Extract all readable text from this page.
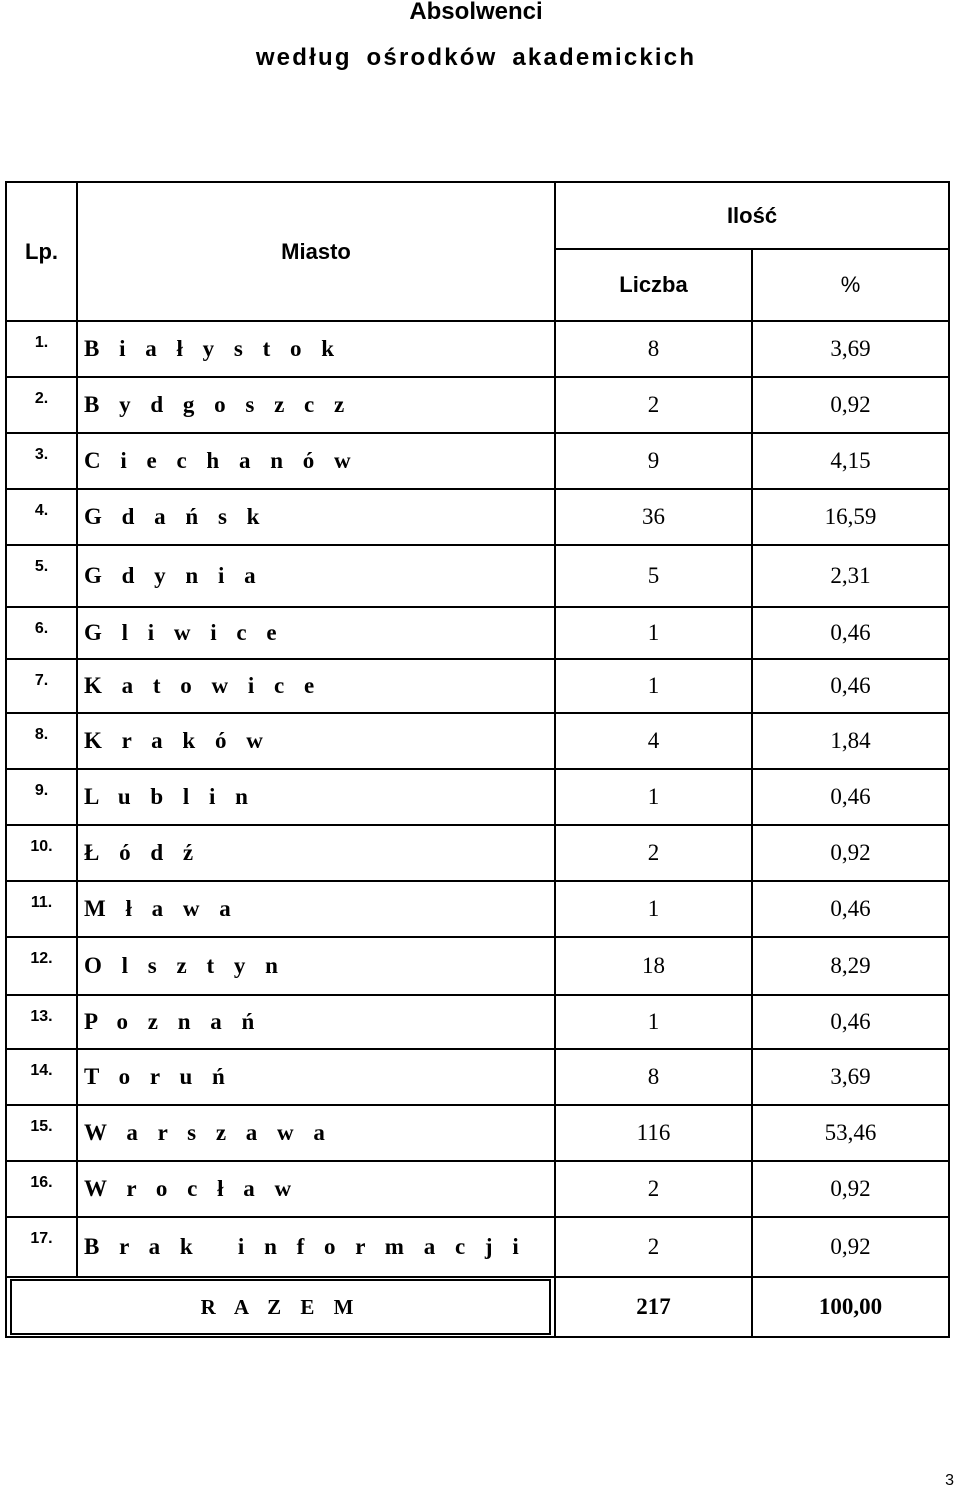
Absolwenci
według ośrodków akademickich
Lp.	Miasto	Ilość	
		Liczba	%
1.	B i a ł y s t o k	8	3,69
2.	B y d g o s z c z	2	0,92
3.	C i e c h a n ó w	9	4,15
4.	G d a ń s k	36	16,59
5.	G d y n i a	5	2,31
6.	G l i w i c e	1	0,46
7.	K a t o w i c e	1	0,46
8.	K r a k ó w	4	1,84
9.	L u b l i n	1	0,46
10.	Ł ó d ź	2	0,92
11.	M ł a w a	1	0,46
12.	O l s z t y n	18	8,29
13.	P o z n a ń	1	0,46
14.	T o r u ń	8	3,69
15.	W a r s z a w a	116	53,46
16.	W r o c ł a w	2	0,92
17.	B r a k   i n f o r m a c j i	2	0,92

R A Z E M		217	100,00
3
